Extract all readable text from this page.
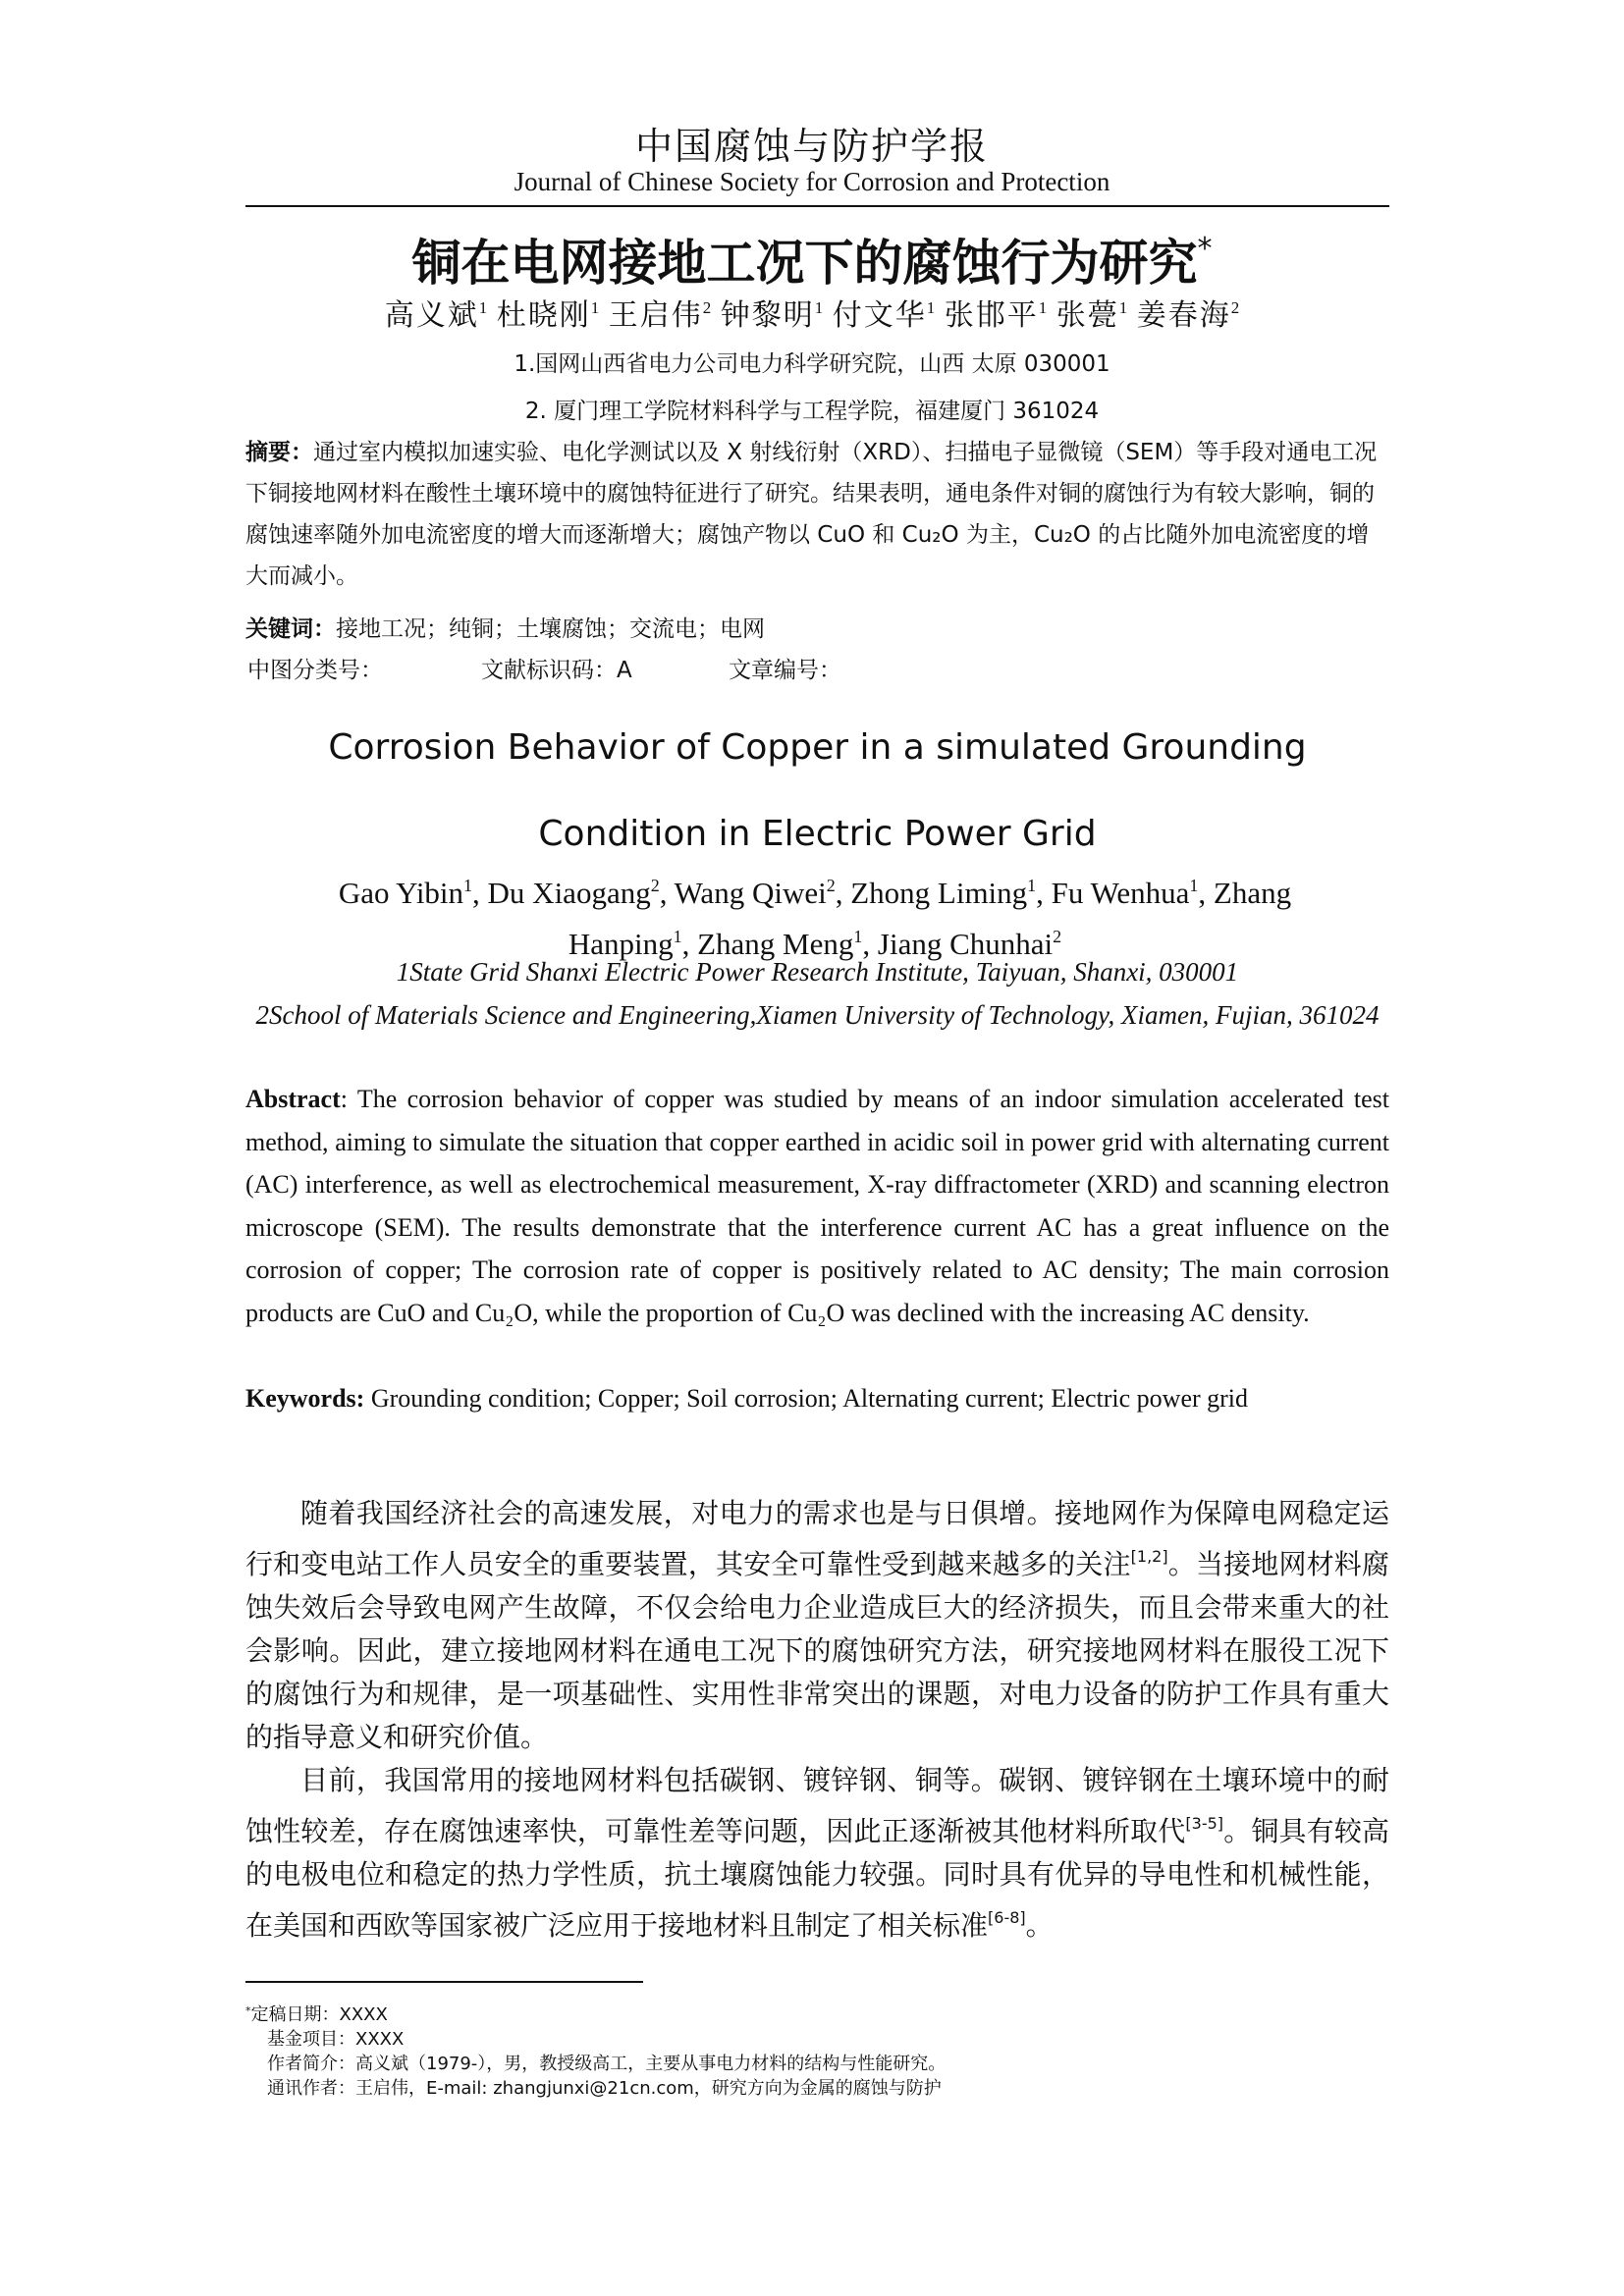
中国腐蚀与防护学报
Journal of Chinese Society for Corrosion and Protection
铜在电网接地工况下的腐蚀行为研究*
高义斌$^1$ 杜晓刚$^1$ 王启伟$^2$ 钟黎明$^1$ 付文华$^1$ 张邯平$^1$ 张甍$^1$ 姜春海$^2$
1.国网山西省电力公司电力科学研究院，山西 太原 030001
2. 厦门理工学院材料科学与工程学院，福建厦门 361024
摘要：通过室内模拟加速实验、电化学测试以及 X 射线衍射（XRD）、扫描电子显微镜（SEM）等手段对通电工况下铜接地网材料在酸性土壤环境中的腐蚀特征进行了研究。结果表明，通电条件对铜的腐蚀行为有较大影响，铜的腐蚀速率随外加电流密度的增大而逐渐增大；腐蚀产物以 CuO 和 Cu₂O 为主，Cu₂O 的占比随外加电流密度的增大而减小。
关键词：接地工况；纯铜；土壤腐蚀；交流电；电网
中图分类号：	文献标识码：A	文章编号：
Corrosion Behavior of Copper in a simulated Grounding Condition in Electric Power Grid
Gao Yibin$^1$, Du Xiaogang$^2$, Wang Qiwei$^2$, Zhong Liming$^1$, Fu Wenhua$^1$, Zhang Hanping$^1$, Zhang Meng$^1$, Jiang Chunhai$^2$
1State Grid Shanxi Electric Power Research Institute, Taiyuan, Shanxi, 030001
2School of Materials Science and Engineering,Xiamen University of Technology, Xiamen, Fujian, 361024
Abstract: The corrosion behavior of copper was studied by means of an indoor simulation accelerated test method, aiming to simulate the situation that copper earthed in acidic soil in power grid with alternating current (AC) interference, as well as electrochemical measurement, X-ray diffractometer (XRD) and scanning electron microscope (SEM). The results demonstrate that the interference current AC has a great influence on the corrosion of copper; The corrosion rate of copper is positively related to AC density; The main corrosion products are CuO and Cu₂O, while the proportion of Cu₂O was declined with the increasing AC density.
Keywords: Grounding condition; Copper; Soil corrosion; Alternating current; Electric power grid

随着我国经济社会的高速发展，对电力的需求也是与日俱增。接地网作为保障电网稳定运行和变电站工作人员安全的重要装置，其安全可靠性受到越来越多的关注[1,2]。当接地网材料腐蚀失效后会导致电网产生故障，不仅会给电力企业造成巨大的经济损失，而且会带来重大的社会影响。因此，建立接地网材料在通电工况下的腐蚀研究方法，研究接地网材料在服役工况下的腐蚀行为和规律，是一项基础性、实用性非常突出的课题，对电力设备的防护工作具有重大的指导意义和研究价值。

目前，我国常用的接地网材料包括碳钢、镀锌钢、铜等。碳钢、镀锌钢在土壤环境中的耐蚀性较差，存在腐蚀速率快，可靠性差等问题，因此正逐渐被其他材料所取代[3-5]。铜具有较高的电极电位和稳定的热力学性质，抗土壤腐蚀能力较强。同时具有优异的导电性和机械性能，在美国和西欧等国家被广泛应用于接地材料且制定了相关标准[6-8]。

*定稿日期：XXXX
基金项目：XXXX
作者简介：高义斌（1979-），男，教授级高工，主要从事电力材料的结构与性能研究。
通讯作者：王启伟，E-mail: zhangjunxi@21cn.com，研究方向为金属的腐蚀与防护
